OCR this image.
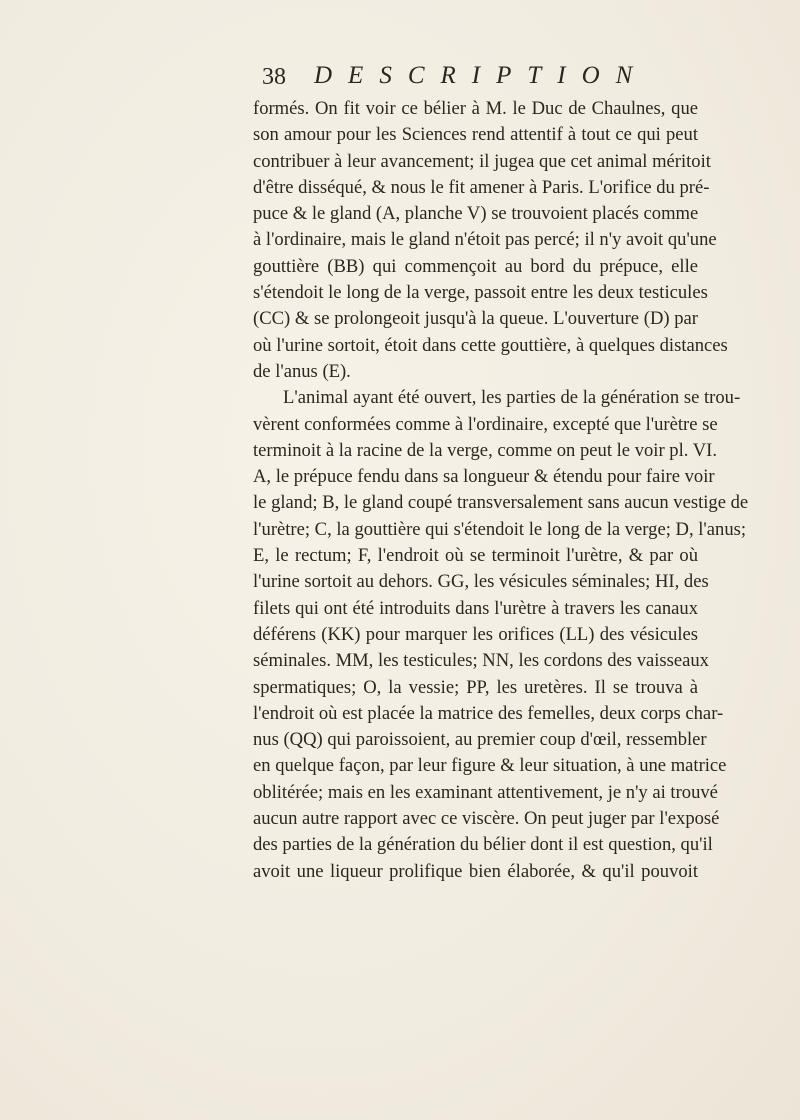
38 DESCRIPTION

formés. On fit voir ce bélier à M. le Duc de Chaulnes, que
son amour pour les Sciences rend attentif à tout ce qui peut
contribuer à leur avancement; il jugea que cet animal méritoit
d'être disséqué, & nous le fit amener à Paris. L'orifice du pré-
puce & le gland (A, planche V) se trouvoient placés comme
à l'ordinaire, mais le gland n'étoit pas percé; il n'y avoit qu'une
gouttière (BB) qui commençoit au bord du prépuce, elle
s'étendoit le long de la verge, passoit entre les deux testicules
(CC) & se prolongeoit jusqu'à la queue. L'ouverture (D) par
où l'urine sortoit, étoit dans cette gouttière, à quelques distances
de l'anus (E).

L'animal ayant été ouvert, les parties de la génération se trou-
vèrent conformées comme à l'ordinaire, excepté que l'urètre se
terminoit à la racine de la verge, comme on peut le voir pl. VI.
A, le prépuce fendu dans sa longueur & étendu pour faire voir
le gland; B, le gland coupé transversalement sans aucun vestige de
l'urètre; C, la gouttière qui s'étendoit le long de la verge; D, l'anus;
E, le rectum; F, l'endroit où se terminoit l'urètre, & par où
l'urine sortoit au dehors. GG, les vésicules séminales; HI, des
filets qui ont été introduits dans l'urètre à travers les canaux
déférens (KK) pour marquer les orifices (LL) des vésicules
séminales. MM, les testicules; NN, les cordons des vaisseaux
spermatiques; O, la vessie; PP, les uretères. Il se trouva à
l'endroit où est placée la matrice des femelles, deux corps char-
nus (QQ) qui paroissoient, au premier coup d'œil, ressembler
en quelque façon, par leur figure & leur situation, à une matrice
oblitérée; mais en les examinant attentivement, je n'y ai trouvé
aucun autre rapport avec ce viscère. On peut juger par l'exposé
des parties de la génération du bélier dont il est question, qu'il
avoit une liqueur prolifique bien élaborée, & qu'il pouvoit
